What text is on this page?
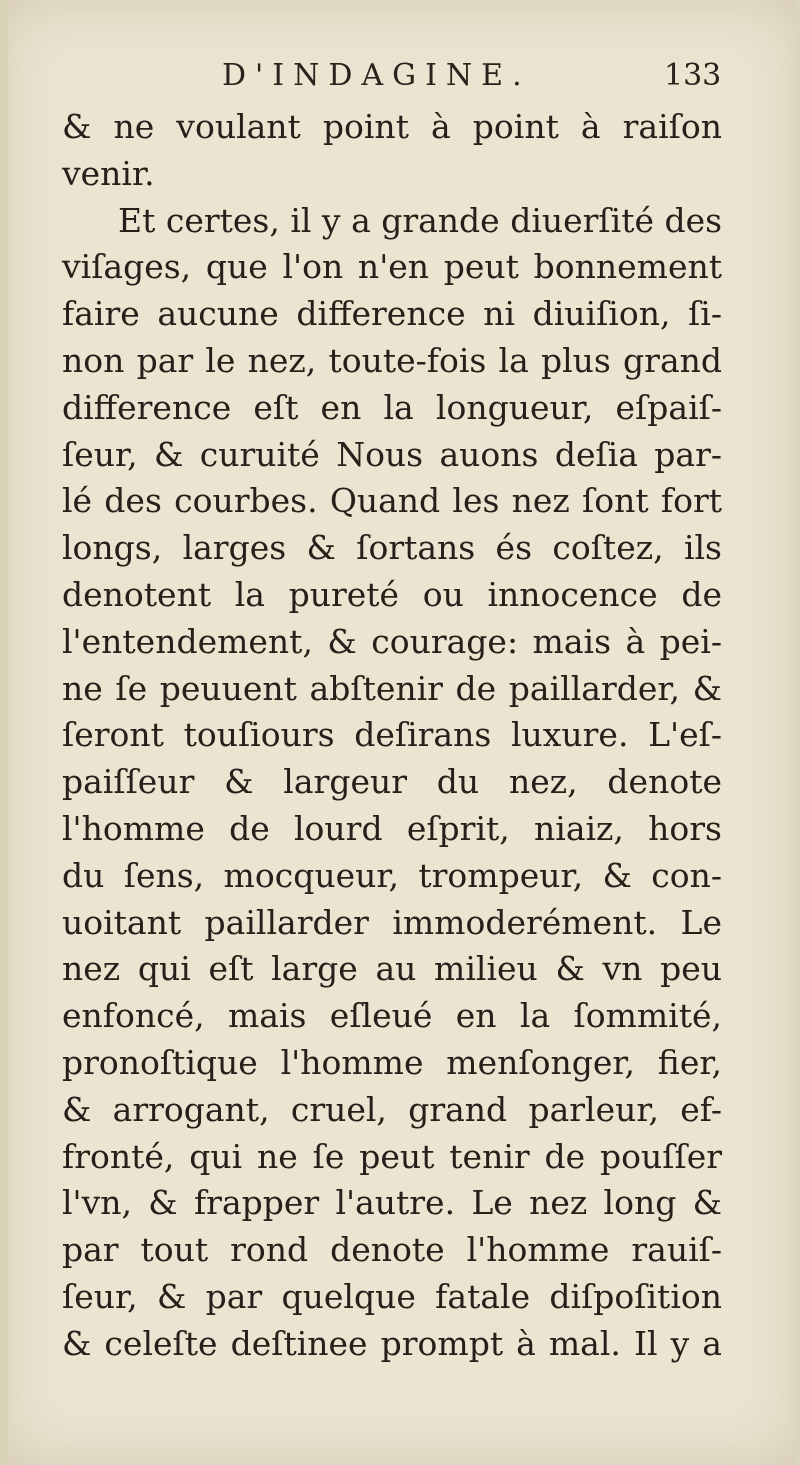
D'INDAGINE.	133
& ne voulant point à point à raiſon
venir.
Et certes, il y a grande diuerſité des
viſages, que l'on n'en peut bonnement
faire aucune difference ni diuiſion, ſi-
non par le nez, toute-fois la plus grand
difference eſt en la longueur, eſpaiſ-
ſeur, & curuité Nous auons deſia par-
lé des courbes. Quand les nez ſont fort
longs, larges & ſortans és coſtez, ils
denotent la pureté ou innocence de
l'entendement, & courage: mais à pei-
ne ſe peuuent abſtenir de paillarder, &
ſeront touſiours deſirans luxure. L'eſ-
paiſſeur & largeur du nez, denote
l'homme de lourd eſprit, niaiz, hors
du ſens, mocqueur, trompeur, & con-
uoitant paillarder immoderément. Le
nez qui eſt large au milieu & vn peu
enfoncé, mais eſleué en la ſommité,
pronoſtique l'homme menſonger, fier,
& arrogant, cruel, grand parleur, ef-
fronté, qui ne ſe peut tenir de pouſſer
l'vn, & frapper l'autre. Le nez long &
par tout rond denote l'homme rauiſ-
ſeur, & par quelque fatale diſpoſition
& celeſte deſtinee prompt à mal. Il y a
